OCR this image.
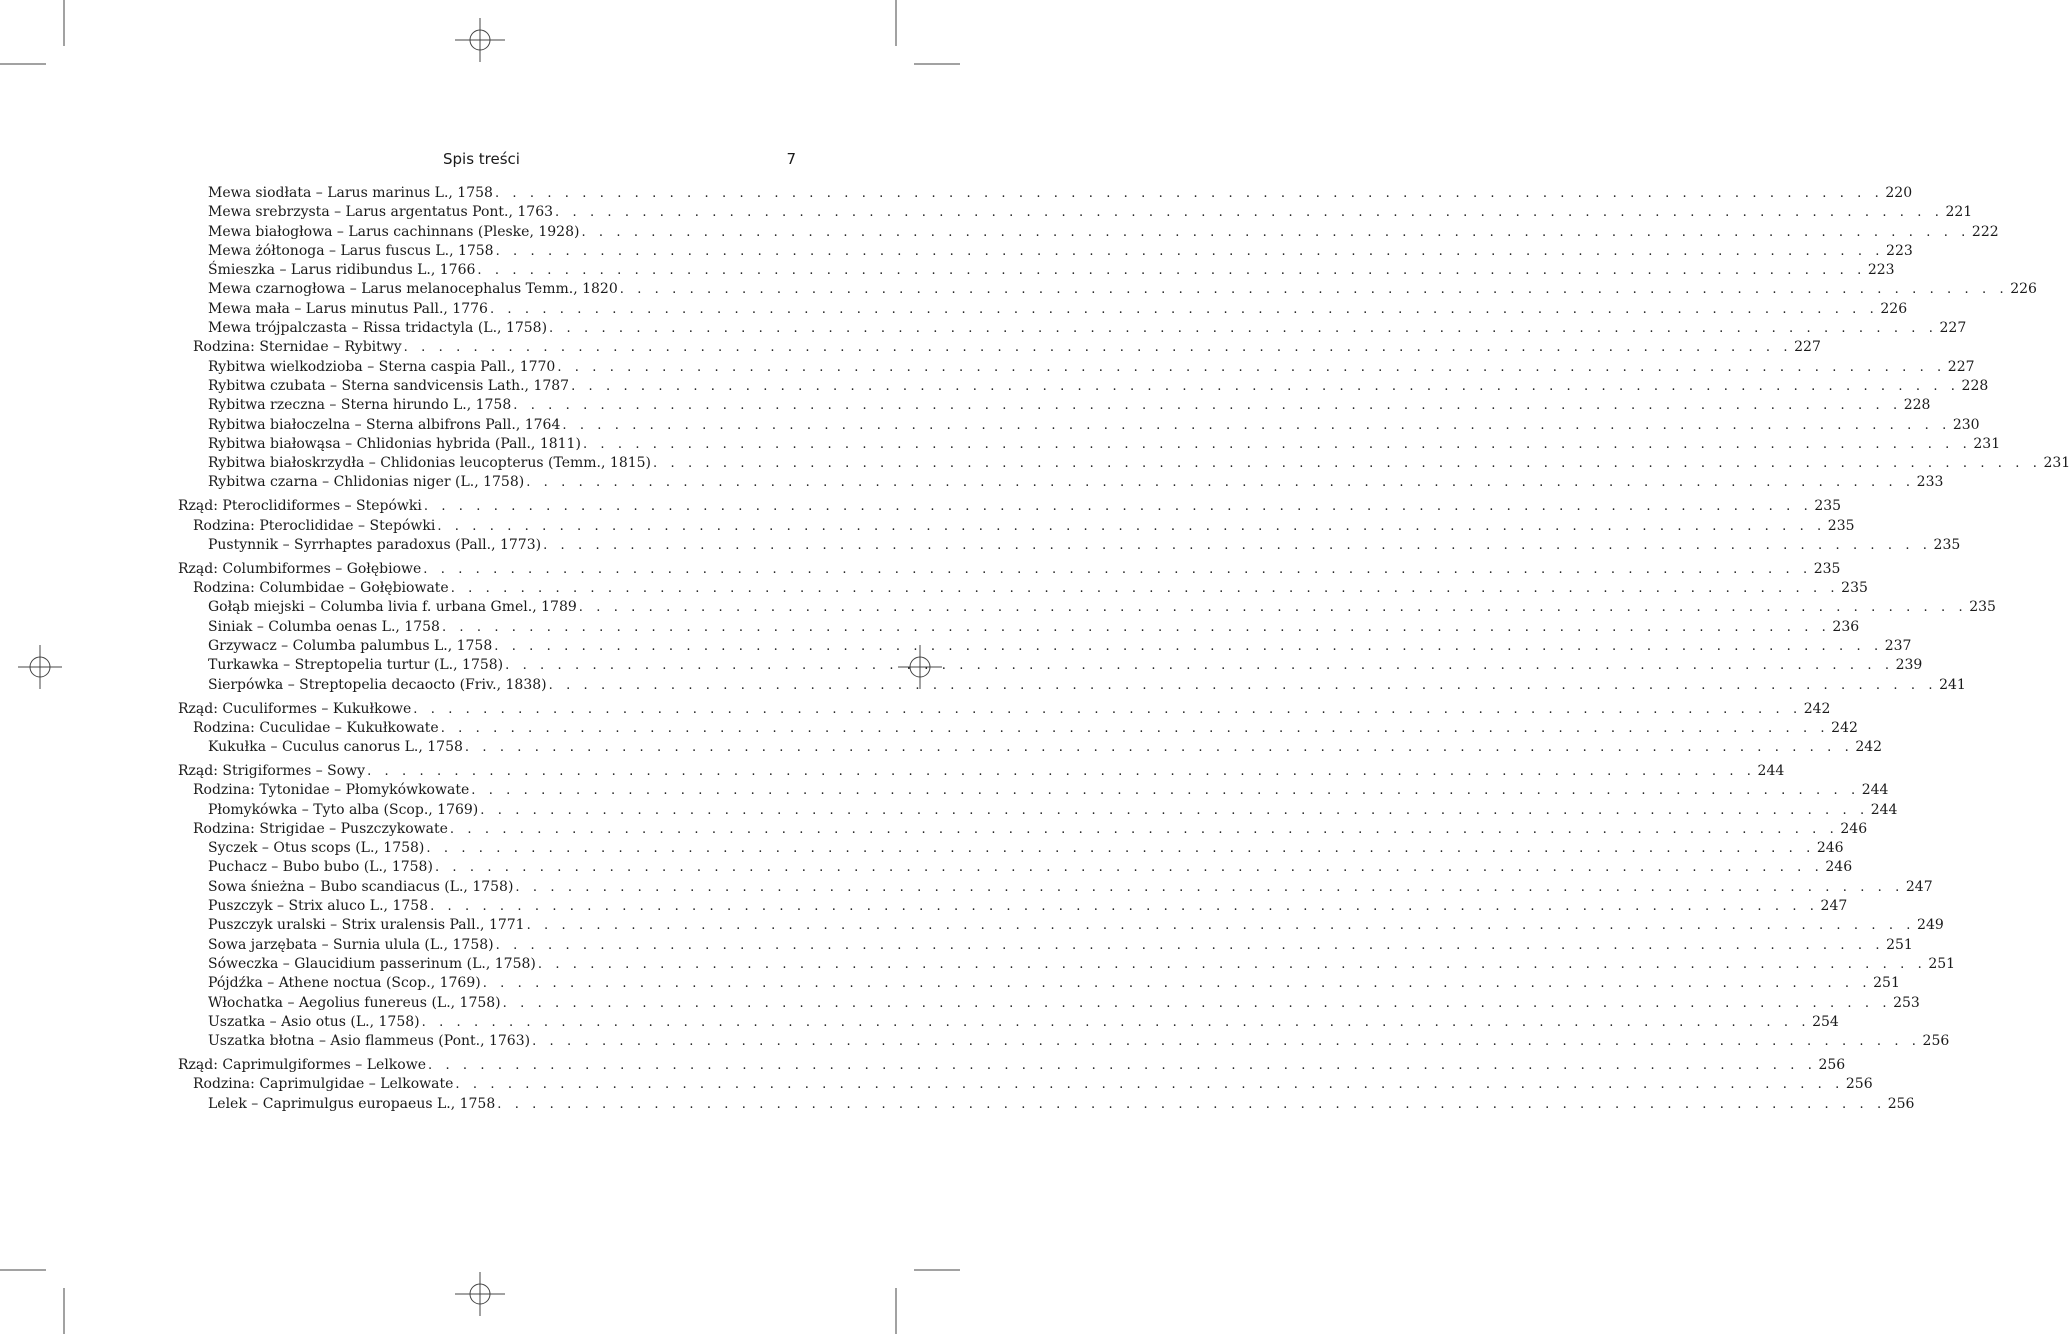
Spis treści	7
Mewa siodłata – Larus marinus L., 1758 . . . . . . . . . . . . . . . . . . . . . . . . . . . . . . . . . . . . . . . . . . . . . . . . . . . . . . . . . . . . . . . . . . . . . . . . . . . . . . . . 220
Mewa srebrzysta – Larus argentatus Pont., 1763 . . . . . . . . . . . . . . . . . . . . . . . . . . . . . . . . . . . . . . . . . . . . . . . . . . . . . . . . . . . . . . . . . . . . . . . . . . . . . . . . 221
Mewa białogłowa – Larus cachinnans (Pleske, 1928) . . . . . . . . . . . . . . . . . . . . . . . . . . . . . . . . . . . . . . . . . . . . . . . . . . . . . . . . . . . . . . . . . . . . . . . . . . . . . . . . 222
Mewa żółtonoga – Larus fuscus L., 1758 . . . . . . . . . . . . . . . . . . . . . . . . . . . . . . . . . . . . . . . . . . . . . . . . . . . . . . . . . . . . . . . . . . . . . . . . . . . . . . . . 223
Śmieszka – Larus ridibundus L., 1766 . . . . . . . . . . . . . . . . . . . . . . . . . . . . . . . . . . . . . . . . . . . . . . . . . . . . . . . . . . . . . . . . . . . . . . . . . . . . . . . . 223
Mewa czarnogłowa – Larus melanocephalus Temm., 1820 . . . . . . . . . . . . . . . . . . . . . . . . . . . . . . . . . . . . . . . . . . . . . . . . . . . . . . . . . . . . . . . . . . . . . . . . . . . . . . . . 226
Mewa mała – Larus minutus Pall., 1776 . . . . . . . . . . . . . . . . . . . . . . . . . . . . . . . . . . . . . . . . . . . . . . . . . . . . . . . . . . . . . . . . . . . . . . . . . . . . . . . . 226
Mewa trójpalczasta – Rissa tridactyla (L., 1758) . . . . . . . . . . . . . . . . . . . . . . . . . . . . . . . . . . . . . . . . . . . . . . . . . . . . . . . . . . . . . . . . . . . . . . . . . . . . . . . . 227
Rodzina: Sternidae – Rybitwy . . . . . . . . . . . . . . . . . . . . . . . . . . . . . . . . . . . . . . . . . . . . . . . . . . . . . . . . . . . . . . . . . . . . . . . . . . . . . . . . 227
Rybitwa wielkodzioba – Sterna caspia Pall., 1770 . . . . . . . . . . . . . . . . . . . . . . . . . . . . . . . . . . . . . . . . . . . . . . . . . . . . . . . . . . . . . . . . . . . . . . . . . . . . . . . . 227
Rybitwa czubata – Sterna sandvicensis Lath., 1787 . . . . . . . . . . . . . . . . . . . . . . . . . . . . . . . . . . . . . . . . . . . . . . . . . . . . . . . . . . . . . . . . . . . . . . . . . . . . . . . . 228
Rybitwa rzeczna – Sterna hirundo L., 1758 . . . . . . . . . . . . . . . . . . . . . . . . . . . . . . . . . . . . . . . . . . . . . . . . . . . . . . . . . . . . . . . . . . . . . . . . . . . . . . . . 228
Rybitwa białoczelna – Sterna albifrons Pall., 1764 . . . . . . . . . . . . . . . . . . . . . . . . . . . . . . . . . . . . . . . . . . . . . . . . . . . . . . . . . . . . . . . . . . . . . . . . . . . . . . . . 230
Rybitwa białowąsa – Chlidonias hybrida (Pall., 1811) . . . . . . . . . . . . . . . . . . . . . . . . . . . . . . . . . . . . . . . . . . . . . . . . . . . . . . . . . . . . . . . . . . . . . . . . . . . . . . . . 231
Rybitwa białoskrzydła – Chlidonias leucopterus (Temm., 1815) . . . . . . . . . . . . . . . . . . . . . . . . . . . . . . . . . . . . . . . . . . . . . . . . . . . . . . . . . . . . . . . . . . . . . . . . . . . . . . . . 231
Rybitwa czarna – Chlidonias niger (L., 1758) . . . . . . . . . . . . . . . . . . . . . . . . . . . . . . . . . . . . . . . . . . . . . . . . . . . . . . . . . . . . . . . . . . . . . . . . . . . . . . . . 233
Rząd: Pteroclidiformes – Stepówki . . . . . . . . . . . . . . . . . . . . . . . . . . . . . . . . . . . . . . . . . . . . . . . . . . . . . . . . . . . . . . . . . . . . . . . . . . . . . . . . 235
Rodzina: Pteroclididae – Stepówki . . . . . . . . . . . . . . . . . . . . . . . . . . . . . . . . . . . . . . . . . . . . . . . . . . . . . . . . . . . . . . . . . . . . . . . . . . . . . . . . 235
Pustynnik – Syrrhaptes paradoxus (Pall., 1773) . . . . . . . . . . . . . . . . . . . . . . . . . . . . . . . . . . . . . . . . . . . . . . . . . . . . . . . . . . . . . . . . . . . . . . . . . . . . . . . . 235
Rząd: Columbiformes – Gołębiowe . . . . . . . . . . . . . . . . . . . . . . . . . . . . . . . . . . . . . . . . . . . . . . . . . . . . . . . . . . . . . . . . . . . . . . . . . . . . . . . . 235
Rodzina: Columbidae – Gołębiowate . . . . . . . . . . . . . . . . . . . . . . . . . . . . . . . . . . . . . . . . . . . . . . . . . . . . . . . . . . . . . . . . . . . . . . . . . . . . . . . . 235
Gołąb miejski – Columba livia f. urbana Gmel., 1789 . . . . . . . . . . . . . . . . . . . . . . . . . . . . . . . . . . . . . . . . . . . . . . . . . . . . . . . . . . . . . . . . . . . . . . . . . . . . . . . . 235
Siniak – Columba oenas L., 1758 . . . . . . . . . . . . . . . . . . . . . . . . . . . . . . . . . . . . . . . . . . . . . . . . . . . . . . . . . . . . . . . . . . . . . . . . . . . . . . . . 236
Grzywacz – Columba palumbus L., 1758 . . . . . . . . . . . . . . . . . . . . . . . . . . . . . . . . . . . . . . . . . . . . . . . . . . . . . . . . . . . . . . . . . . . . . . . . . . . . . . . . 237
Turkawka – Streptopelia turtur (L., 1758) . . . . . . . . . . . . . . . . . . . . . . . . . . . . . . . . . . . . . . . . . . . . . . . . . . . . . . . . . . . . . . . . . . . . . . . . . . . . . . . . 239
Sierpówka – Streptopelia decaocto (Friv., 1838) . . . . . . . . . . . . . . . . . . . . . . . . . . . . . . . . . . . . . . . . . . . . . . . . . . . . . . . . . . . . . . . . . . . . . . . . . . . . . . . . 241
Rząd: Cuculiformes – Kukułkowe . . . . . . . . . . . . . . . . . . . . . . . . . . . . . . . . . . . . . . . . . . . . . . . . . . . . . . . . . . . . . . . . . . . . . . . . . . . . . . . . 242
Rodzina: Cuculidae – Kukułkowate . . . . . . . . . . . . . . . . . . . . . . . . . . . . . . . . . . . . . . . . . . . . . . . . . . . . . . . . . . . . . . . . . . . . . . . . . . . . . . . . 242
Kukułka – Cuculus canorus L., 1758 . . . . . . . . . . . . . . . . . . . . . . . . . . . . . . . . . . . . . . . . . . . . . . . . . . . . . . . . . . . . . . . . . . . . . . . . . . . . . . . . 242
Rząd: Strigiformes – Sowy . . . . . . . . . . . . . . . . . . . . . . . . . . . . . . . . . . . . . . . . . . . . . . . . . . . . . . . . . . . . . . . . . . . . . . . . . . . . . . . . 244
Rodzina: Tytonidae – Płomykówkowate . . . . . . . . . . . . . . . . . . . . . . . . . . . . . . . . . . . . . . . . . . . . . . . . . . . . . . . . . . . . . . . . . . . . . . . . . . . . . . . . 244
Płomykówka – Tyto alba (Scop., 1769) . . . . . . . . . . . . . . . . . . . . . . . . . . . . . . . . . . . . . . . . . . . . . . . . . . . . . . . . . . . . . . . . . . . . . . . . . . . . . . . . 244
Rodzina: Strigidae – Puszczykowate . . . . . . . . . . . . . . . . . . . . . . . . . . . . . . . . . . . . . . . . . . . . . . . . . . . . . . . . . . . . . . . . . . . . . . . . . . . . . . . . 246
Syczek – Otus scops (L., 1758) . . . . . . . . . . . . . . . . . . . . . . . . . . . . . . . . . . . . . . . . . . . . . . . . . . . . . . . . . . . . . . . . . . . . . . . . . . . . . . . . 246
Puchacz – Bubo bubo (L., 1758) . . . . . . . . . . . . . . . . . . . . . . . . . . . . . . . . . . . . . . . . . . . . . . . . . . . . . . . . . . . . . . . . . . . . . . . . . . . . . . . . 246
Sowa śnieżna – Bubo scandiacus (L., 1758) . . . . . . . . . . . . . . . . . . . . . . . . . . . . . . . . . . . . . . . . . . . . . . . . . . . . . . . . . . . . . . . . . . . . . . . . . . . . . . . . 247
Puszczyk – Strix aluco L., 1758 . . . . . . . . . . . . . . . . . . . . . . . . . . . . . . . . . . . . . . . . . . . . . . . . . . . . . . . . . . . . . . . . . . . . . . . . . . . . . . . . 247
Puszczyk uralski – Strix uralensis Pall., 1771 . . . . . . . . . . . . . . . . . . . . . . . . . . . . . . . . . . . . . . . . . . . . . . . . . . . . . . . . . . . . . . . . . . . . . . . . . . . . . . . . 249
Sowa jarzębata – Surnia ulula (L., 1758) . . . . . . . . . . . . . . . . . . . . . . . . . . . . . . . . . . . . . . . . . . . . . . . . . . . . . . . . . . . . . . . . . . . . . . . . . . . . . . . . 251
Sóweczka – Glaucidium passerinum (L., 1758) . . . . . . . . . . . . . . . . . . . . . . . . . . . . . . . . . . . . . . . . . . . . . . . . . . . . . . . . . . . . . . . . . . . . . . . . . . . . . . . . 251
Pójdźka – Athene noctua (Scop., 1769) . . . . . . . . . . . . . . . . . . . . . . . . . . . . . . . . . . . . . . . . . . . . . . . . . . . . . . . . . . . . . . . . . . . . . . . . . . . . . . . . 251
Włochatka – Aegolius funereus (L., 1758) . . . . . . . . . . . . . . . . . . . . . . . . . . . . . . . . . . . . . . . . . . . . . . . . . . . . . . . . . . . . . . . . . . . . . . . . . . . . . . . . 253
Uszatka – Asio otus (L., 1758) . . . . . . . . . . . . . . . . . . . . . . . . . . . . . . . . . . . . . . . . . . . . . . . . . . . . . . . . . . . . . . . . . . . . . . . . . . . . . . . . 254
Uszatka błotna – Asio flammeus (Pont., 1763) . . . . . . . . . . . . . . . . . . . . . . . . . . . . . . . . . . . . . . . . . . . . . . . . . . . . . . . . . . . . . . . . . . . . . . . . . . . . . . . . 256
Rząd: Caprimulgiformes – Lelkowe . . . . . . . . . . . . . . . . . . . . . . . . . . . . . . . . . . . . . . . . . . . . . . . . . . . . . . . . . . . . . . . . . . . . . . . . . . . . . . . . 256
Rodzina: Caprimulgidae – Lelkowate . . . . . . . . . . . . . . . . . . . . . . . . . . . . . . . . . . . . . . . . . . . . . . . . . . . . . . . . . . . . . . . . . . . . . . . . . . . . . . . . 256
Lelek – Caprimulgus europaeus L., 1758 . . . . . . . . . . . . . . . . . . . . . . . . . . . . . . . . . . . . . . . . . . . . . . . . . . . . . . . . . . . . . . . . . . . . . . . . . . . . . . . . 256
